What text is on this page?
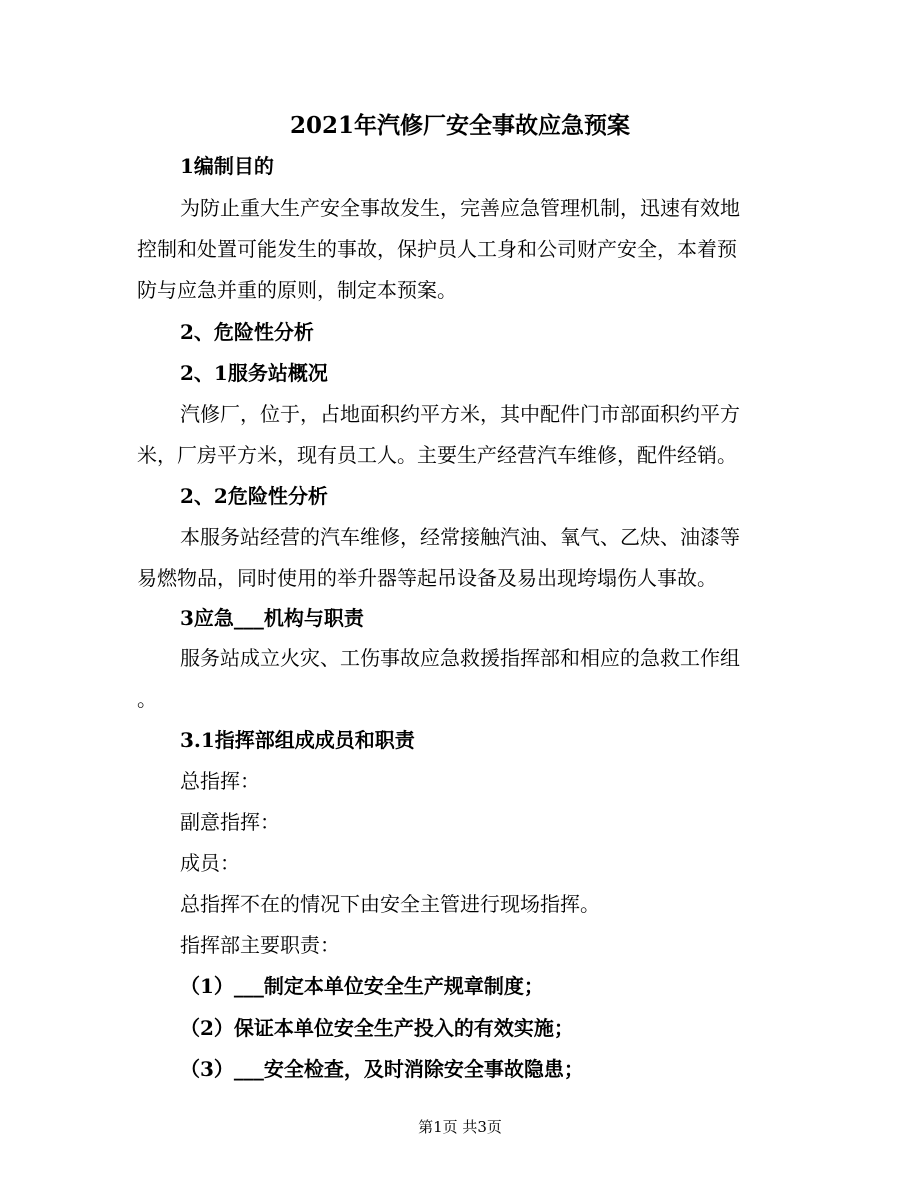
2021年汽修厂安全事故应急预案
1编制目的
为防止重大生产安全事故发生，完善应急管理机制，迅速有效地
控制和处置可能发生的事故，保护员人工身和公司财产安全，本着预
防与应急并重的原则，制定本预案。
2、危险性分析
2、1服务站概况
汽修厂，位于，占地面积约平方米，其中配件门市部面积约平方
米，厂房平方米，现有员工人。主要生产经营汽车维修，配件经销。
2、2危险性分析
本服务站经营的汽车维修，经常接触汽油、氧气、乙炔、油漆等
易燃物品，同时使用的举升器等起吊设备及易出现垮塌伤人事故。
3应急___机构与职责
服务站成立火灾、工伤事故应急救援指挥部和相应的急救工作组
。
3.1指挥部组成成员和职责
总指挥：
副意指挥：
成员：
总指挥不在的情况下由安全主管进行现场指挥。
指挥部主要职责：
（1）___制定本单位安全生产规章制度；
（2）保证本单位安全生产投入的有效实施；
（3）___安全检查，及时消除安全事故隐患；
第1页 共3页
